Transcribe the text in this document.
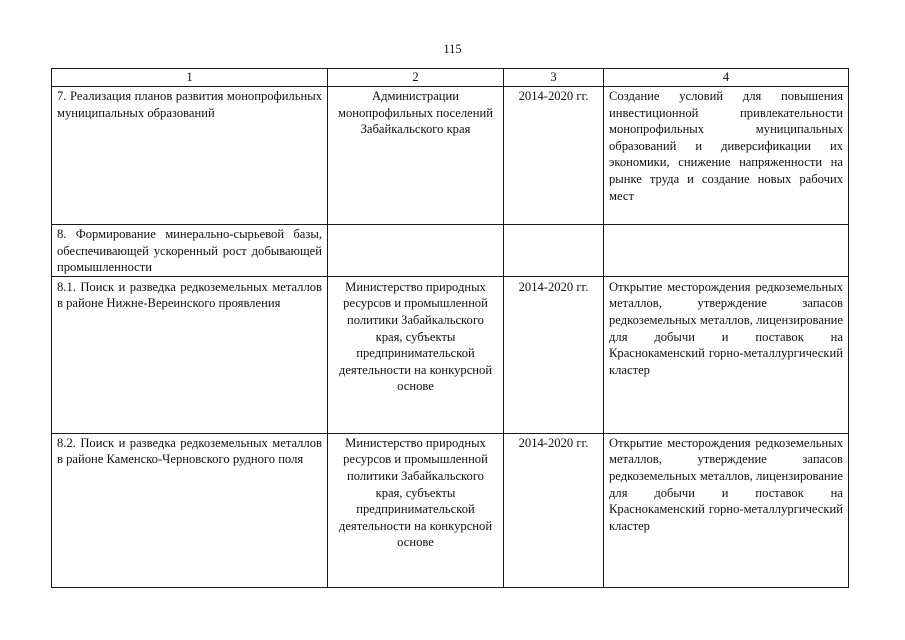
115
1	2	3	4
7. Реализация планов развития монопрофильных муниципальных образований	Администрации монопрофильных поселений Забайкальского края	2014-2020 гг.	Создание условий для повышения инвестиционной привлекательности монопрофильных муниципальных образований и диверсификации их экономики, снижение напряженности на рынке труда и создание новых рабочих мест
8. Формирование минерально-сырьевой базы, обеспечивающей ускоренный рост добывающей промышленности			
8.1. Поиск и разведка редкоземельных металлов в районе Нижне-Вереинского проявления	Министерство природных ресурсов и промышленной политики Забайкальского края, субъекты предпринимательской деятельности на конкурсной основе	2014-2020 гг.	Открытие месторождения редкоземельных металлов, утверждение запасов редкоземельных металлов, лицензирование для добычи и поставок на Краснокаменский горно-металлургический кластер
8.2. Поиск и разведка редкоземельных металлов в районе Каменско-Черновского рудного поля	Министерство природных ресурсов и промышленной политики Забайкальского края, субъекты предпринимательской деятельности на конкурсной основе	2014-2020 гг.	Открытие месторождения редкоземельных металлов, утверждение запасов редкоземельных металлов, лицензирование для добычи и поставок на Краснокаменский горно-металлургический кластер
